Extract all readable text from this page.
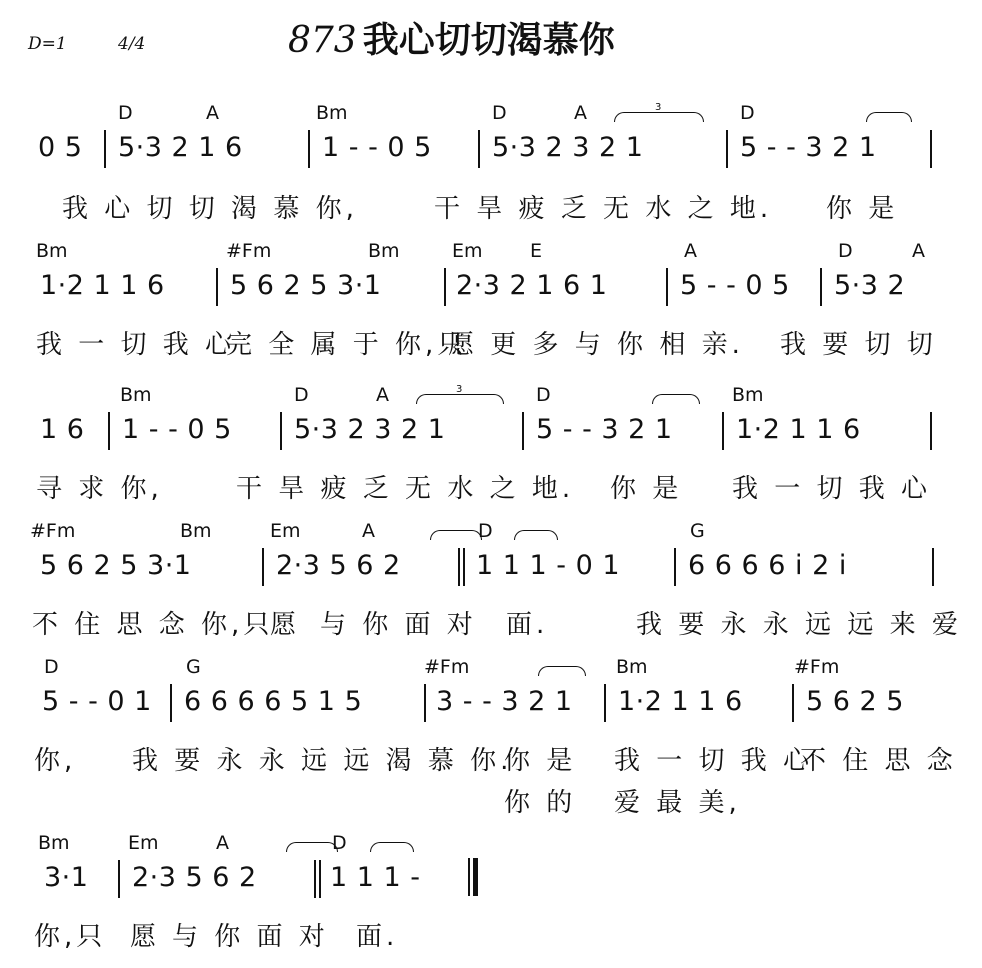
D=1	4/4	873 我心切切渴慕你
D	A	Bm	D	A	D
3
0 5 5·3 2 1 6	1 - - 0 5 5·3 2 3 2 1	5 - - 3 2 1
我 心 切 切 渴 慕 你,	干 旱 疲 乏 无 水 之 地. 你 是
Bm	#Fm	Bm	Em E	A	D	A
1·2 1 1 6 5 6 2 5 3·1	2·3 2 1 6 1	5 - - 0 5 5·3 2
我 一 切 我 心
完 全 属 于 你,只
愿 更 多 与 你 相 亲. 我 要 切 切
Bm	D	A	D	Bm
3
1 6 1 - - 0 5 5·3 2 3 2 1	5 - - 3 2 1 1·2 1 1 6
寻 求 你,	干 旱 疲 乏 无 水 之 地. 你 是 我 一 切 我 心
#Fm	Bm	Em	A	D	G
5 6 2 5 3·1	2·3 5 6 2	1 1 1 - 0 1	6 6 6 6 i 2 i
不 住 思 念 你,只
愿 与 你 面 对 面.	我 要 永 永 远 远 来 爱
D	G	#Fm	Bm	#Fm
5 - - 0 1 6 6 6 6 5 1 5	3 - - 3 2 1 1·2 1 1 6 5 6 2 5
你, 我 要 永 永 远 远 渴 慕 你.
你 是 我 一 切 我 心
不 住 思 念
你 的 爱 最 美,
Bm	Em	A	D
3·1 2·3 5 6 2	1 1 1 -
你,只 愿 与 你 面 对 面.
